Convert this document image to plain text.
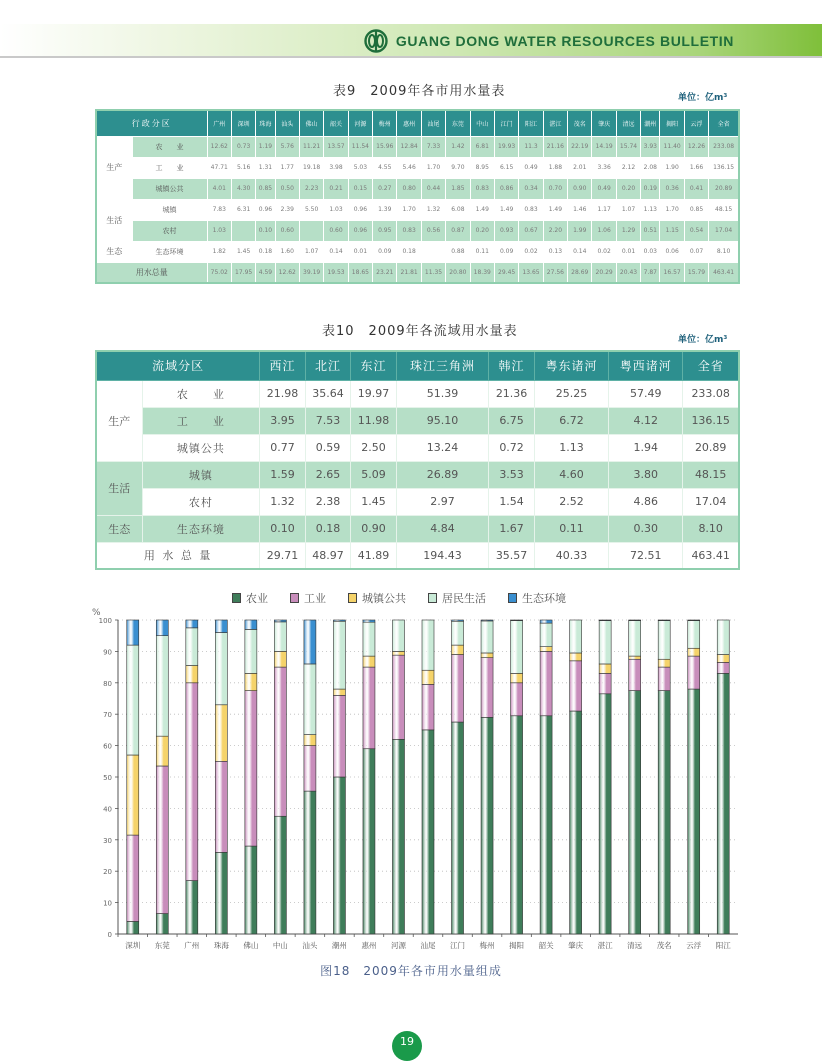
GUANG DONG WATER RESOURCES BULLETIN
表9　2009年各市用水量表	单位：亿m³
行政分区		广州	深圳	珠海	汕头	佛山	韶关	河源	梅州	惠州	汕尾	东莞	中山	江门	阳江	湛江	茂名	肇庆	清远	潮州	揭阳	云浮	全省
生产	农　　业	12.62	0.73	1.19	5.76	11.21	13.57	11.54	15.96	12.84	7.33	1.42	6.81	19.93	11.3	21.16	22.19	14.19	15.74	3.93	11.40	12.26	233.08
	工　　业	47.71	5.16	1.31	1.77	19.18	3.98	5.03	4.55	5.46	1.70	9.70	8.95	6.15	0.49	1.88	2.01	3.36	2.12	2.08	1.90	1.66	136.15
	城镇公共	4.01	4.30	0.85	0.50	2.23	0.21	0.15	0.27	0.80	0.44	1.85	0.83	0.86	0.34	0.70	0.90	0.49	0.20	0.19	0.36	0.41	20.89
生活	城镇	7.83	6.31	0.96	2.39	5.50	1.03	0.96	1.39	1.70	1.32	6.08	1.49	1.49	0.83	1.49	1.46	1.17	1.07	1.13	1.70	0.85	48.15
	农村	1.03		0.10	0.60		0.60	0.96	0.95	0.83	0.56	0.87	0.20	0.93	0.67	2.20	1.99	1.06	1.29	0.51	1.15	0.54	17.04
生态	生态环境	1.82	1.45	0.18	1.60	1.07	0.14	0.01	0.09	0.18		0.88	0.11	0.09	0.02	0.13	0.14	0.02	0.01	0.03	0.06	0.07	8.10
用水总量		75.02	17.95	4.59	12.62	39.19	19.53	18.65	23.21	21.81	11.35	20.80	18.39	29.45	13.65	27.56	28.69	20.29	20.43	7.87	16.57	15.79	463.41
表10　2009年各流域用水量表
单位：亿m³
流域分区		西江	北江	东江	珠江三角洲	韩江	粤东诸河	粤西诸河	全省
生产	农　　业	21.98	35.64	19.97	51.39	21.36	25.25	57.49	233.08
	工　　业	3.95	7.53	11.98	95.10	6.75	6.72	4.12	136.15
	城镇公共	0.77	0.59	2.50	13.24	0.72	1.13	1.94	20.89
生活	城镇	1.59	2.65	5.09	26.89	3.53	4.60	3.80	48.15
	农村	1.32	2.38	1.45	2.97	1.54	2.52	4.86	17.04
生态	生态环境	0.10	0.18	0.90	4.84	1.67	0.11	0.30	8.10
用 水 总 量		29.71	48.97	41.89	194.43	35.57	40.33	72.51	463.41
农业	工业	城镇公共	居民生活	生态环境
%
0
10
20
30
40
50
60
70
80
90
100
深圳 东莞 广州 珠海 佛山 中山 汕头 潮州 惠州 河源 汕尾 江门 梅州 揭阳 韶关 肇庆 湛江 清远 茂名 云浮 阳江
图18　2009年各市用水量组成
19
